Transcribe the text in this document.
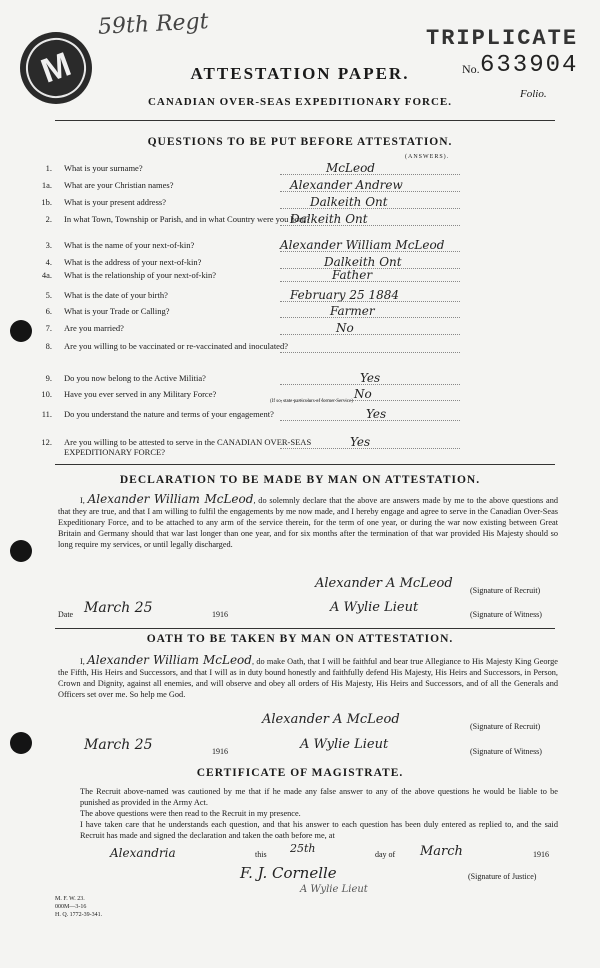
M
59th Regt	TRIPLICATE
No. 633904
Folio.
ATTESTATION PAPER.
CANADIAN OVER-SEAS EXPEDITIONARY FORCE.
QUESTIONS TO BE PUT BEFORE ATTESTATION.
(ANSWERS).
1. What is your surname?	McLeod
1a. What are your Christian names?	Alexander Andrew
1b. What is your present address?	Dalkeith Ont
2. In what Town, Township or Parish, and in what Country were you born?
Dalkeith Ont
3. What is the name of your next-of-kin?	Alexander William McLeod
4. What is the address of your next-of-kin?	Dalkeith Ont
4a. What is the relationship of your next-of-kin?	Father
5. What is the date of your birth?	February 25 1884
6. What is your Trade or Calling?	Farmer
7. Are you married?	No
8. Are you willing to be vaccinated or re-vaccinated and inoculated?
9. Do you now belong to the Active Militia?	Yes
10. Have you ever served in any Military Force?
(If so, state particulars of former Service)
No
11. Do you understand the nature and terms of your engagement?	Yes
12. Are you willing to be attested to serve in the CANADIAN OVER-SEAS EXPEDITIONARY FORCE?
Yes
DECLARATION TO BE MADE BY MAN ON ATTESTATION.
I, Alexander William McLeod, do solemnly declare that the above are answers made by me to the above questions and that they are true, and that I am willing to fulfil the engagements by me now made, and I hereby engage and agree to serve in the Canadian Over-Seas Expeditionary Force, and to be attached to any arm of the service therein, for the term of one year, or during the war now existing between Great Britain and Germany should that war last longer than one year, and for six months after the termination of that war provided His Majesty should so long require my services, or until legally discharged.
Alexander A McLeod (Signature of Recruit)
Date March 25	1916	A Wylie Lieut	(Signature of Witness)
OATH TO BE TAKEN BY MAN ON ATTESTATION.
I, Alexander William McLeod, do make Oath, that I will be faithful and bear true Allegiance to His Majesty King George the Fifth, His Heirs and Successors, and that I will as in duty bound honestly and faithfully defend His Majesty, His Heirs and Successors, in Person, Crown and Dignity, against all enemies, and will observe and obey all orders of His Majesty, His Heirs and Successors, and of all the Generals and Officers set over me. So help me God.
Alexander A McLeod	(Signature of Recruit)
March 25	1916	A Wylie Lieut	(Signature of Witness)
CERTIFICATE OF MAGISTRATE.
The Recruit above-named was cautioned by me that if he made any false answer to any of the above questions he would be liable to be punished as provided in the Army Act.
The above questions were then read to the Recruit in my presence.
I have taken care that he understands each question, and that his answer to each question has been duly entered as replied to, and the said Recruit has made and signed the declaration and taken the oath before me, at
Alexandria	this 25th	day of March	1916
F. J. Cornelle	(Signature of Justice)
A Wylie Lieut
M. F. W. 23.
000M—3-16
H. Q. 1772-39-341.
